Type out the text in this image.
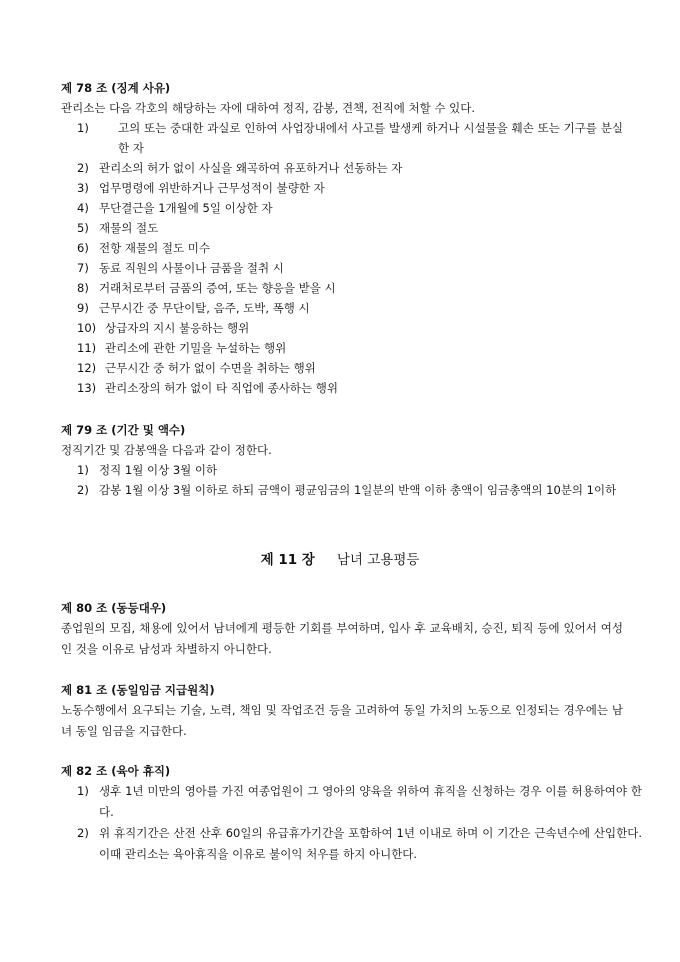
제 78 조 (징계 사유)
관리소는 다음 각호의 해당하는 자에 대하여 정직, 감봉, 견책, 전직에 처할 수 있다.
1)	고의 또는 중대한 과실로 인하여 사업장내에서 사고를 발생케 하거나 시설물을 훼손 또는 기구를 분실한 자
2) 관리소의 허가 없이 사실을 왜곡하여 유포하거나 선동하는 자
3) 업무명령에 위반하거나 근무성적이 불량한 자
4) 무단결근을 1개월에 5일 이상한 자
5) 재물의 절도
6) 전항 재물의 절도 미수
7) 동료 직원의 사물이나 금품을 절취 시
8) 거래처로부터 금품의 증여, 또는 향응을 받을 시
9) 근무시간 중 무단이탈, 음주, 도박, 폭행 시
10) 상급자의 지시 불응하는 행위
11) 관리소에 관한 기밀을 누설하는 행위
12) 근무시간 중 허가 없이 수면을 취하는 행위
13) 관리소장의 허가 없이 타 직업에 종사하는 행위
제 79 조 (기간 및 액수)
정직기간 및 감봉액을 다음과 같이 정한다.
1) 정직 1월 이상 3월 이하
2) 감봉 1월 이상 3월 이하로 하되 금액이 평균임금의 1일분의 반액 이하 총액이 임금총액의 10분의 1이하
제 11 장 남녀 고용평등
제 80 조 (동등대우)
종업원의 모집, 채용에 있어서 남녀에게 평등한 기회를 부여하며, 입사 후 교육배치, 승진, 퇴직 등에 있어서 여성인 것을 이유로 남성과 차별하지 아니한다.
제 81 조 (동일임금 지급원칙)
노동수행에서 요구되는 기술, 노력, 책임 및 작업조건 등을 고려하여 동일 가치의 노동으로 인정되는 경우에는 남녀 동일 임금을 지급한다.
제 82 조 (육아 휴직)
1) 생후 1년 미만의 영아를 가진 여종업원이 그 영아의 양육을 위하여 휴직을 신청하는 경우 이를 허용하여야 한다.
2) 위 휴직기간은 산전 산후 60일의 유급휴가기간을 포함하여 1년 이내로 하며 이 기간은 근속년수에 산입한다. 이때 관리소는 육아휴직을 이유로 불이익 처우를 하지 아니한다.
